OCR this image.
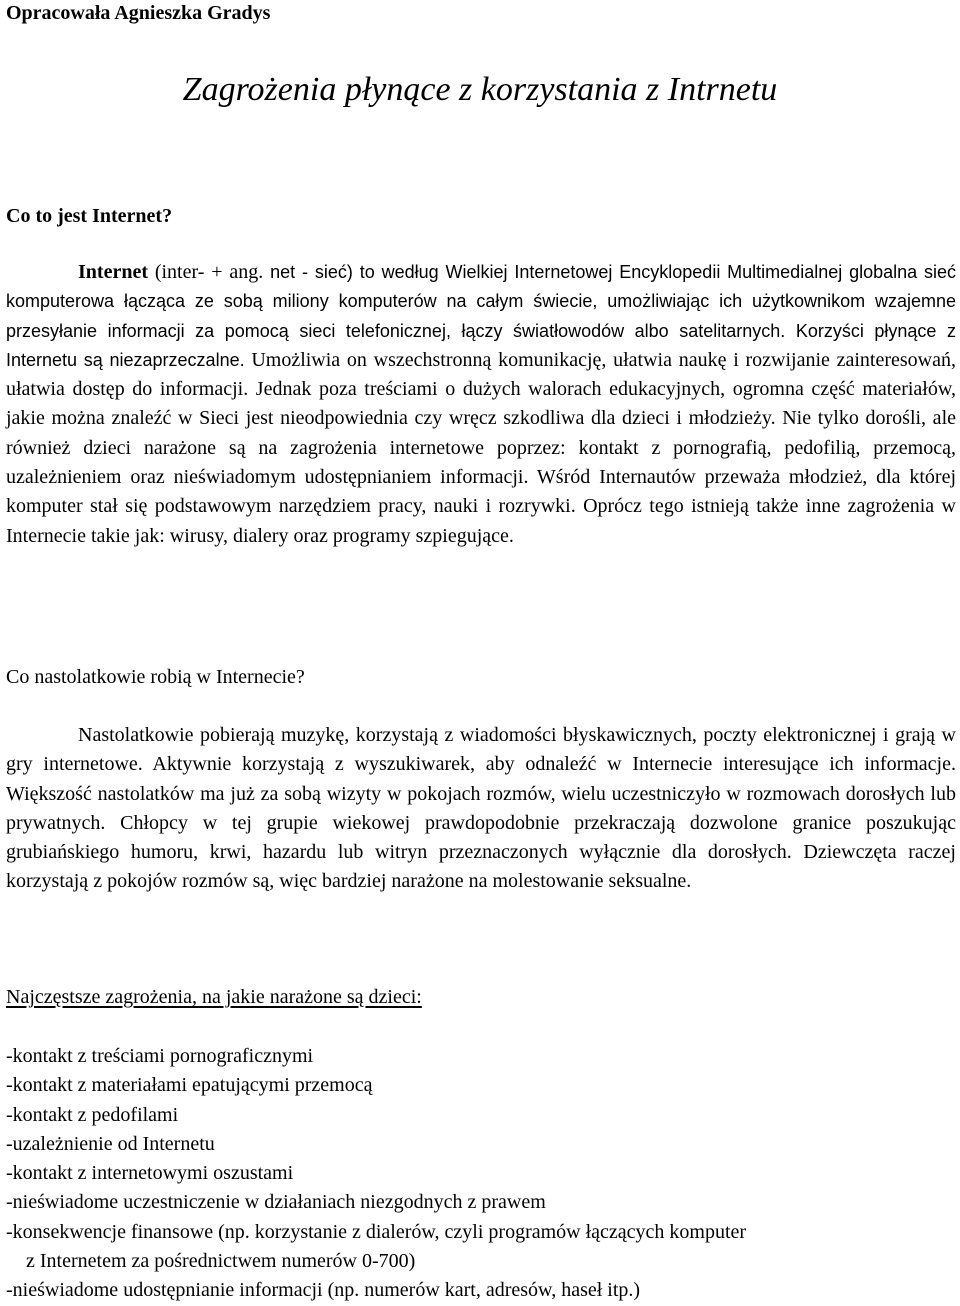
Opracowała Agnieszka Gradys
Zagrożenia płynące z korzystania z Intrnetu
Co to jest Internet?

Internet (inter- + ang. net - sieć) to według Wielkiej Internetowej Encyklopedii Multimedialnej globalna sieć komputerowa łącząca ze sobą miliony komputerów na całym świecie, umożliwiając ich użytkownikom wzajemne przesyłanie informacji za pomocą sieci telefonicznej, łączy światłowodów albo satelitarnych. Korzyści płynące z Internetu są niezaprzeczalne. Umożliwia on wszechstronną komunikację, ułatwia naukę i rozwijanie zainteresowań, ułatwia dostęp do informacji. Jednak poza treściami o dużych walorach edukacyjnych, ogromna część materiałów, jakie można znaleźć w Sieci jest nieodpowiednia czy wręcz szkodliwa dla dzieci i młodzieży. Nie tylko dorośli, ale również dzieci narażone są na zagrożenia internetowe poprzez: kontakt z pornografią, pedofilią, przemocą, uzależnieniem oraz nieświadomym udostępnianiem informacji. Wśród Internautów przeważa młodzież, dla której komputer stał się podstawowym narzędziem pracy, nauki i rozrywki. Oprócz tego istnieją także inne zagrożenia w Internecie takie jak: wirusy, dialery oraz programy szpiegujące.

Co nastolatkowie robią w Internecie?

Nastolatkowie pobierają muzykę, korzystają z wiadomości błyskawicznych, poczty elektronicznej i grają w gry internetowe. Aktywnie korzystają z wyszukiwarek, aby odnaleźć w Internecie interesujące ich informacje. Większość nastolatków ma już za sobą wizyty w pokojach rozmów, wielu uczestniczyło w rozmowach dorosłych lub prywatnych. Chłopcy w tej grupie wiekowej prawdopodobnie przekraczają dozwolone granice poszukując grubiańskiego humoru, krwi, hazardu lub witryn przeznaczonych wyłącznie dla dorosłych. Dziewczęta raczej korzystają z pokojów rozmów są, więc bardziej narażone na molestowanie seksualne.

Najczęstsze zagrożenia, na jakie narażone są dzieci:
-kontakt z treściami pornograficznymi
-kontakt z materiałami epatującymi przemocą
-kontakt z pedofilami
-uzależnienie od Internetu
-kontakt z internetowymi oszustami
-nieświadome uczestniczenie w działaniach niezgodnych z prawem
-konsekwencje finansowe (np. korzystanie z dialerów, czyli programów łączących komputer
z Internetem za pośrednictwem numerów 0-700)
-nieświadome udostępnianie informacji (np. numerów kart, adresów, haseł itp.)
